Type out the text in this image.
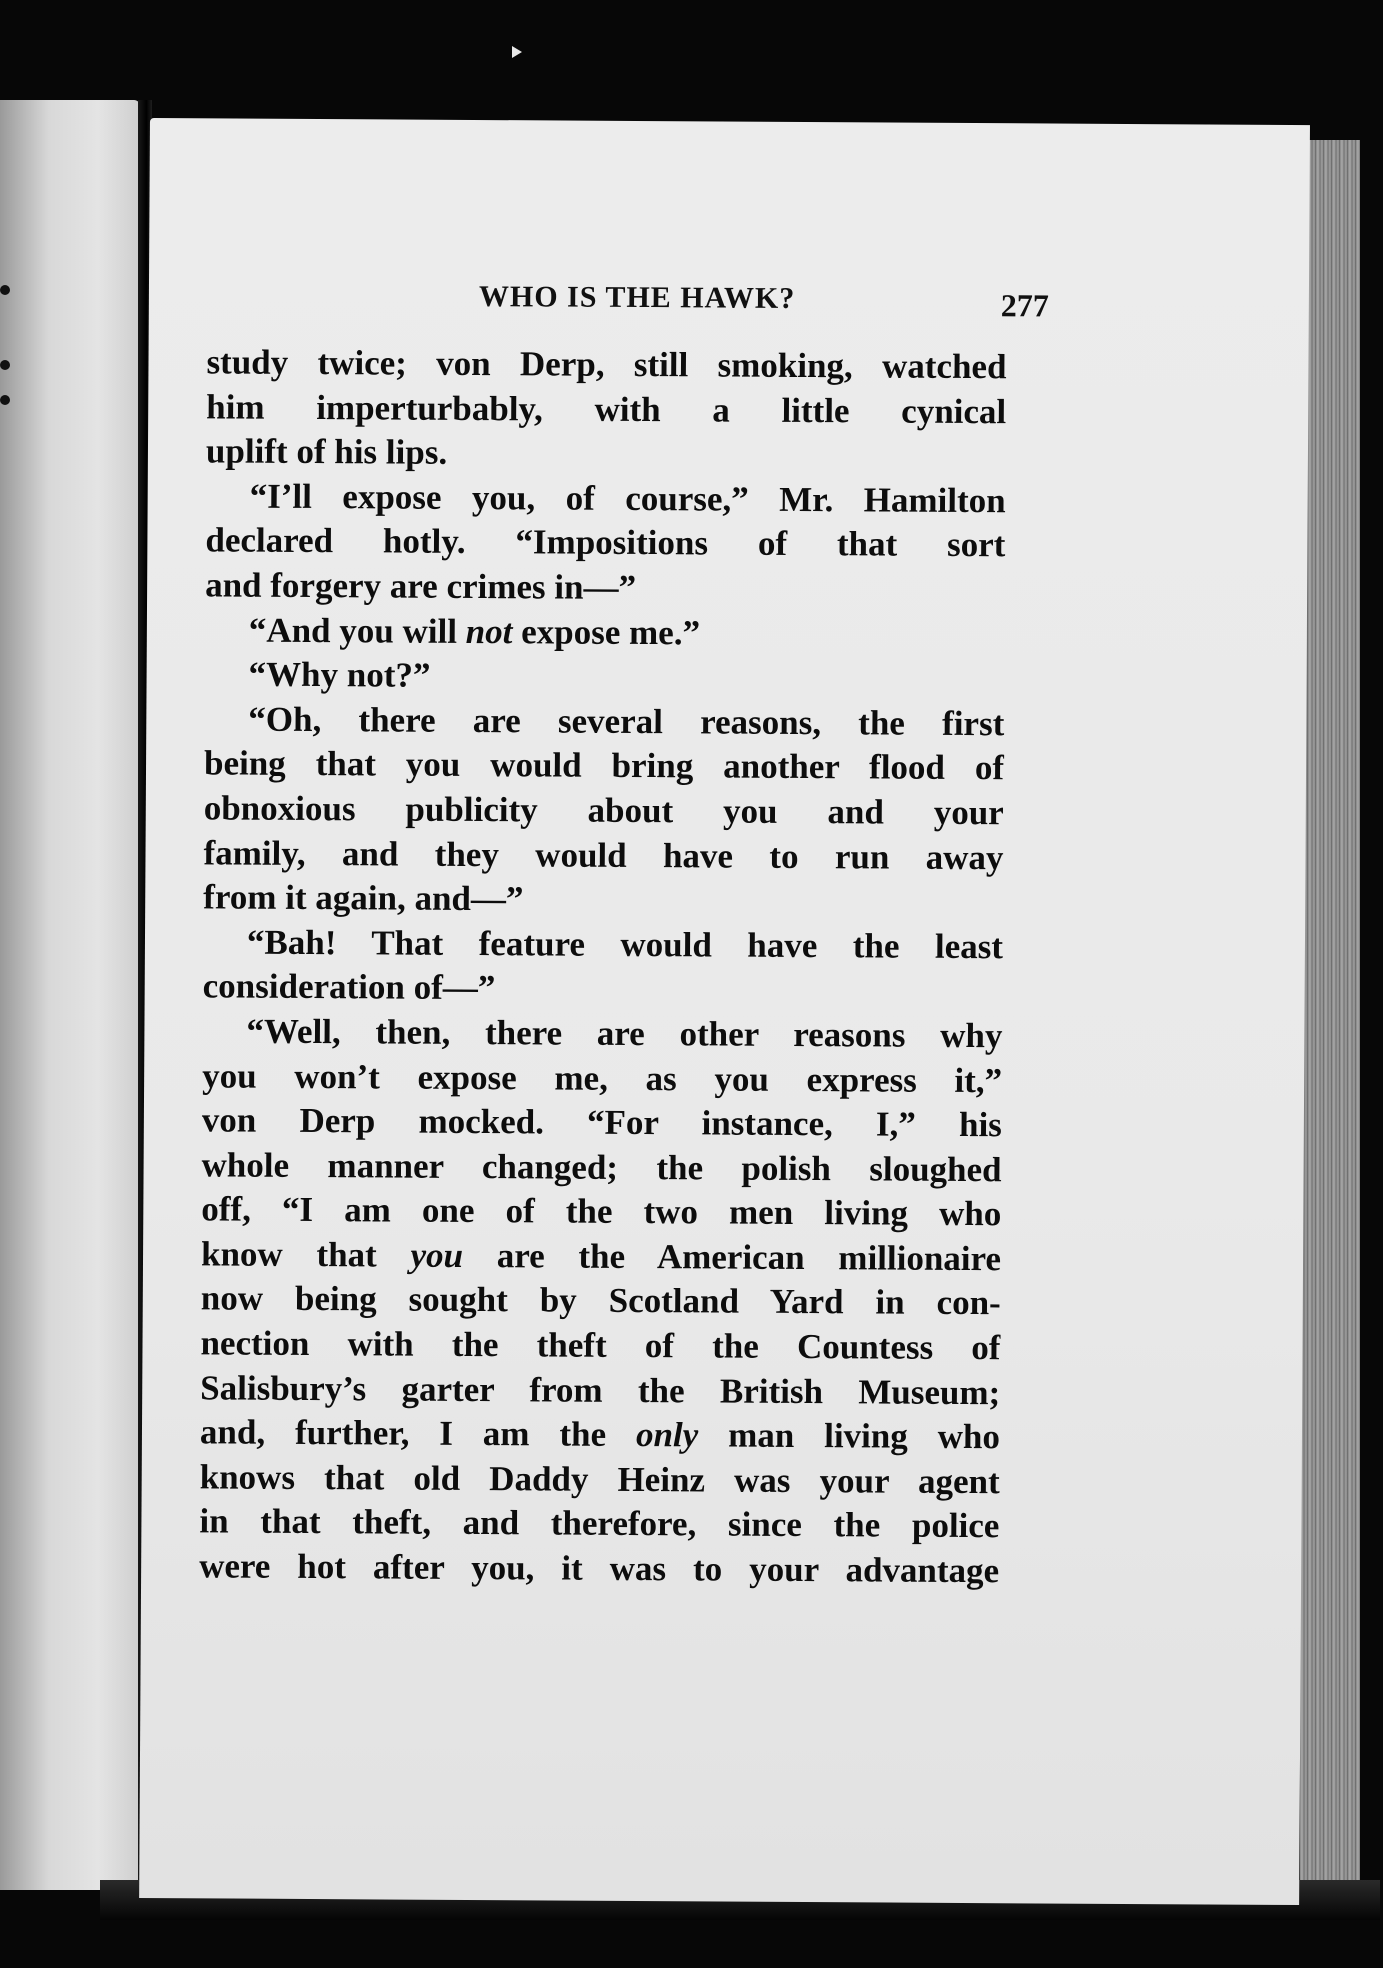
WHO IS THE HAWK?	277
study twice; von Derp, still smoking, watched
him imperturbably, with a little cynical
uplift of his lips.
“I’ll expose you, of course,” Mr. Hamilton
declared hotly. “Impositions of that sort
and forgery are crimes in—”
“And you will not expose me.”
“Why not?”
“Oh, there are several reasons, the first
being that you would bring another flood of
obnoxious publicity about you and your
family, and they would have to run away
from it again, and—”
“Bah! That feature would have the least
consideration of—”
“Well, then, there are other reasons why
you won’t expose me, as you express it,”
von Derp mocked. “For instance, I,” his
whole manner changed; the polish sloughed
off, “I am one of the two men living who
know that you are the American millionaire
now being sought by Scotland Yard in con-
nection with the theft of the Countess of
Salisbury’s garter from the British Museum;
and, further, I am the only man living who
knows that old Daddy Heinz was your agent
in that theft, and therefore, since the police
were hot after you, it was to your advantage
